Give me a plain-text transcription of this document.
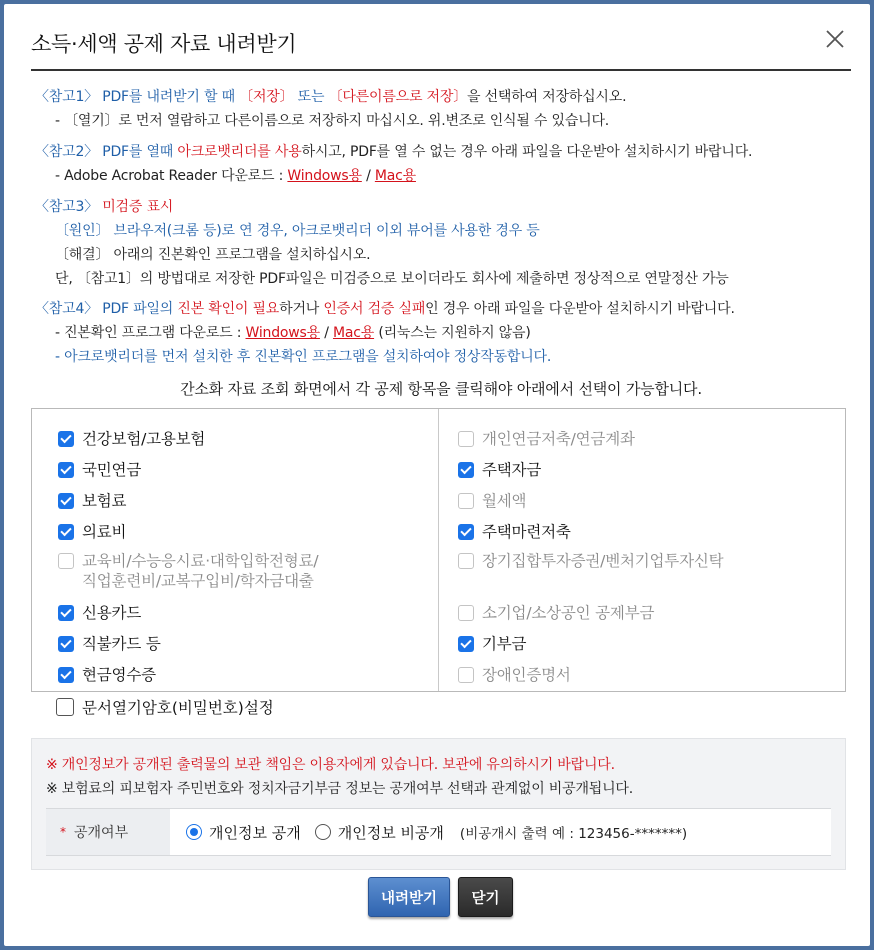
소득·세액 공제 자료 내려받기
〈참고1〉 PDF를 내려받기 할 때 〔저장〕 또는 〔다른이름으로 저장〕을 선택하여 저장하십시오.
- 〔열기〕로 먼저 열람하고 다른이름으로 저장하지 마십시오. 위.변조로 인식될 수 있습니다.
〈참고2〉 PDF를 열때 아크로뱃리더를 사용하시고, PDF를 열 수 없는 경우 아래 파일을 다운받아 설치하시기 바랍니다.
- Adobe Acrobat Reader 다운로드 : Windows용 / Mac용
〈참고3〉 미검증 표시
〔원인〕 브라우저(크롬 등)로 연 경우, 아크로뱃리더 이외 뷰어를 사용한 경우 등
〔해결〕 아래의 진본확인 프로그램을 설치하십시오.
단, 〔참고1〕의 방법대로 저장한 PDF파일은 미검증으로 보이더라도 회사에 제출하면 정상적으로 연말정산 가능
〈참고4〉 PDF 파일의 진본 확인이 필요하거나 인증서 검증 실패인 경우 아래 파일을 다운받아 설치하시기 바랍니다.
- 진본확인 프로그램 다운로드 : Windows용 / Mac용 (리눅스는 지원하지 않음)
- 아크로뱃리더를 먼저 설치한 후 진본확인 프로그램을 설치하여야 정상작동합니다.
간소화 자료 조회 화면에서 각 공제 항목을 클릭해야 아래에서 선택이 가능합니다.
건강보험/고용보험
국민연금
보험료
의료비
교육비/수능응시료·대학입학전형료/
직업훈련비/교복구입비/학자금대출
신용카드
직불카드 등
현금영수증
개인연금저축/연금계좌
주택자금
월세액
주택마련저축
장기집합투자증권/벤처기업투자신탁
소기업/소상공인 공제부금
기부금
장애인증명서
문서열기암호(비밀번호)설정
※ 개인정보가 공개된 출력물의 보관 책임은 이용자에게 있습니다. 보관에 유의하시기 바랍니다.
※ 보험료의 피보험자 주민번호와 정치자금기부금 정보는 공개여부 선택과 관계없이 비공개됩니다.
* 공개여부	개인정보 공개 개인정보 비공개 (비공개시 출력 예 : 123456-*******)
내려받기	닫기
